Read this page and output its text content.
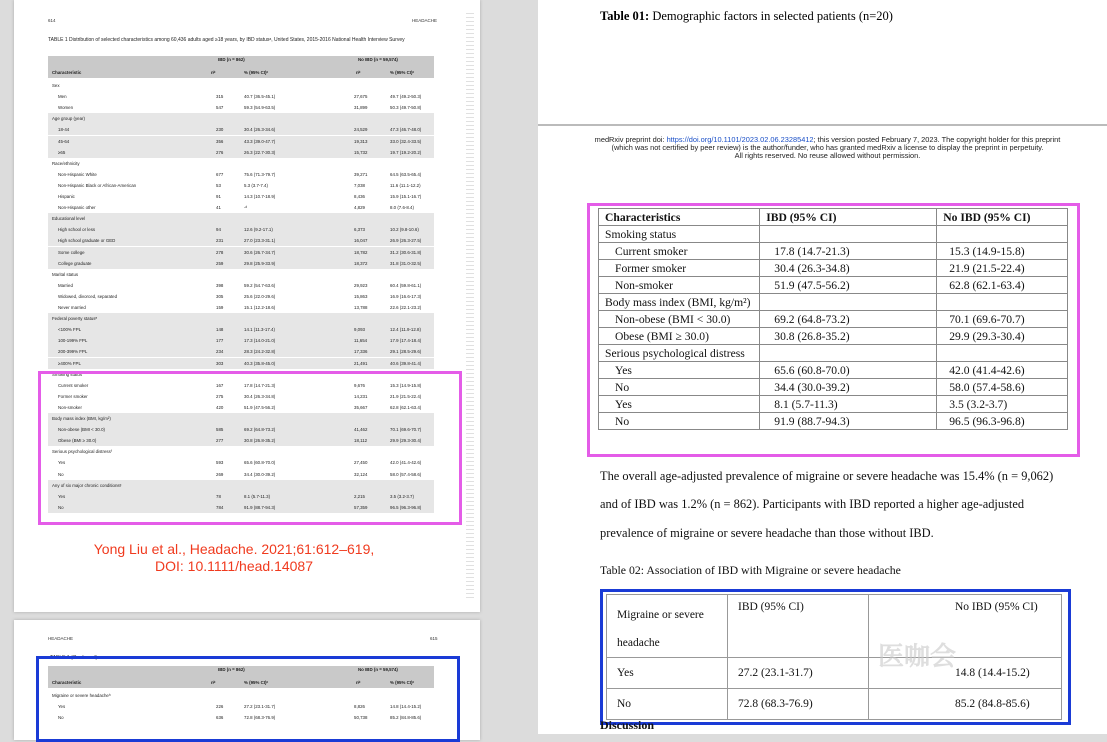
614	HEADACHE
TABLE 1 Distribution of selected characteristics among 60,436 adults aged ≥18 years, by IBD statusᵃ, United States, 2015-2016 National Health Interview Survey
IBD (n = 862)	No IBD (n = 59,574)
Characteristic	nᵇ	% (95% CI)ᶜ	nᵇ	% (95% CI)ᶜ
Sex
Men	315	40.7 (36.5-45.1)	27,675	49.7 (49.2-50.3)
Women	547	59.3 (54.9-63.5)	31,899	50.3 (49.7-50.8)
Age group (year)
18-44	230	30.4 (26.3-34.6)	24,529	47.3 (46.7-48.0)
45-64	356	43.3 (39.0-47.7)	19,313	33.0 (32.4-33.5)
≥65	276	26.3 (22.7-30.3)	15,732	19.7 (19.2-20.2)
Race/ethnicity
Non-Hispanic White	677	75.6 (71.3-79.7)	39,271	64.5 (63.5-65.4)
Non-Hispanic Black or African-American	53	5.3 (3.7-7.4)	7,038	11.6 (11.1-12.2)
Hispanic	91	14.3 (10.7-18.9)	8,436	15.9 (15.1-16.7)
Non-Hispanic other	41	-ᵈ	4,829	8.0 (7.6-8.4)
Educational level
High school or less	94	12.6 (9.2-17.1)	6,373	10.2 (9.8-10.6)
High school graduate or GED	231	27.0 (23.3-31.1)	16,047	26.9 (26.3-27.5)
Some college	278	30.6 (26.7-34.7)	18,782	31.2 (30.6-31.8)
College graduate	259	29.8 (25.9-33.9)	18,372	31.8 (31.0-32.5)
Marital status
Married	398	59.2 (54.7-63.6)	29,923	60.4 (59.8-61.1)
Widowed, divorced, separated	305	25.6 (22.0-29.6)	15,863	16.9 (16.6-17.3)
Never married	159	15.1 (12.2-18.6)	13,788	22.6 (22.1-23.2)
Federal poverty statusᵉ
<100% FPL	148	14.1 (11.3-17.4)	9,093	12.4 (11.9-12.8)
100-199% FPL	177	17.3 (14.0-21.0)	11,654	17.9 (17.4-18.4)
200-399% FPL	234	28.3 (24.2-32.8)	17,336	29.1 (28.5-29.6)
≥400% FPL	303	40.3 (35.8-45.0)	21,491	40.6 (39.8-41.4)
Smoking status
Current smoker	167	17.8 (14.7-21.3)	9,676	15.3 (14.9-15.8)
Former smoker	275	30.4 (26.3-34.8)	14,231	21.9 (21.5-22.4)
Non-smoker	420	51.9 (47.5-56.2)	35,667	62.8 (62.1-63.4)
Body mass index (BMI, kg/m²)
Non-obese (BMI < 30.0)	585	69.2 (64.8-73.2)	41,462	70.1 (69.6-70.7)
Obese (BMI ≥ 30.0)	277	30.8 (26.8-35.2)	18,112	29.9 (29.3-30.4)
Serious psychological distressᶠ
Yes	593	65.6 (60.8-70.0)	27,450	42.0 (41.4-42.6)
No	269	34.4 (30.0-39.2)	32,124	58.0 (57.4-58.6)
Any of six major chronic conditionsᵍ
Yes	78	8.1 (5.7-11.3)	2,215	3.5 (3.2-3.7)
No	784	91.9 (88.7-94.3)	57,359	96.5 (96.3-96.8)
Yong Liu et al., Headache. 2021;61:612–619,
DOI: 10.1111/head.14087
HEADACHE	615
TABLE 1 (Continued)
IBD (n = 862)	No IBD (n = 59,574)
Characteristic	nᵇ	% (95% CI)ᶜ	nᵇ	% (95% CI)ᶜ
Migraine or severe headacheʰ
Yes	226	27.2 (23.1-31.7)	8,826	14.8 (14.4-15.2)
No	636	72.8 (68.3-76.9)	50,738	85.2 (84.8-85.6)
Table 01: Demographic factors in selected patients (n=20)
medRxiv preprint doi: https://doi.org/10.1101/2023.02.06.23285412; this version posted February 7, 2023. The copyright holder for this preprint
(which was not certified by peer review) is the author/funder, who has granted medRxiv a license to display the preprint in perpetuity.
All rights reserved. No reuse allowed without permission.
Characteristics	IBD (95% CI)	No IBD (95% CI)
Smoking status		
Current smoker	17.8 (14.7-21.3)	15.3 (14.9-15.8)
Former smoker	30.4 (26.3-34.8)	21.9 (21.5-22.4)
Non-smoker	51.9 (47.5-56.2)	62.8 (62.1-63.4)
Body mass index (BMI, kg/m²)		
Non-obese (BMI < 30.0)	69.2 (64.8-73.2)	70.1 (69.6-70.7)
Obese (BMI ≥ 30.0)	30.8 (26.8-35.2)	29.9 (29.3-30.4)
Serious psychological distress		
Yes	65.6 (60.8-70.0)	42.0 (41.4-42.6)
No	34.4 (30.0-39.2)	58.0 (57.4-58.6)
Yes	8.1 (5.7-11.3)	3.5 (3.2-3.7)
No	91.9 (88.7-94.3)	96.5 (96.3-96.8)
The overall age-adjusted prevalence of migraine or severe headache was 15.4% (n = 9,062)
and of IBD was 1.2% (n = 862). Participants with IBD reported a higher age-adjusted
prevalence of migraine or severe headache than those without IBD.
Table 02: Association of IBD with Migraine or severe headache
Migraine or severe
headache	IBD (95% CI)	No IBD (95% CI)
Yes	27.2 (23.1-31.7)	14.8 (14.4-15.2)
No	72.8 (68.3-76.9)	85.2 (84.8-85.6)
医咖会
Discussion
